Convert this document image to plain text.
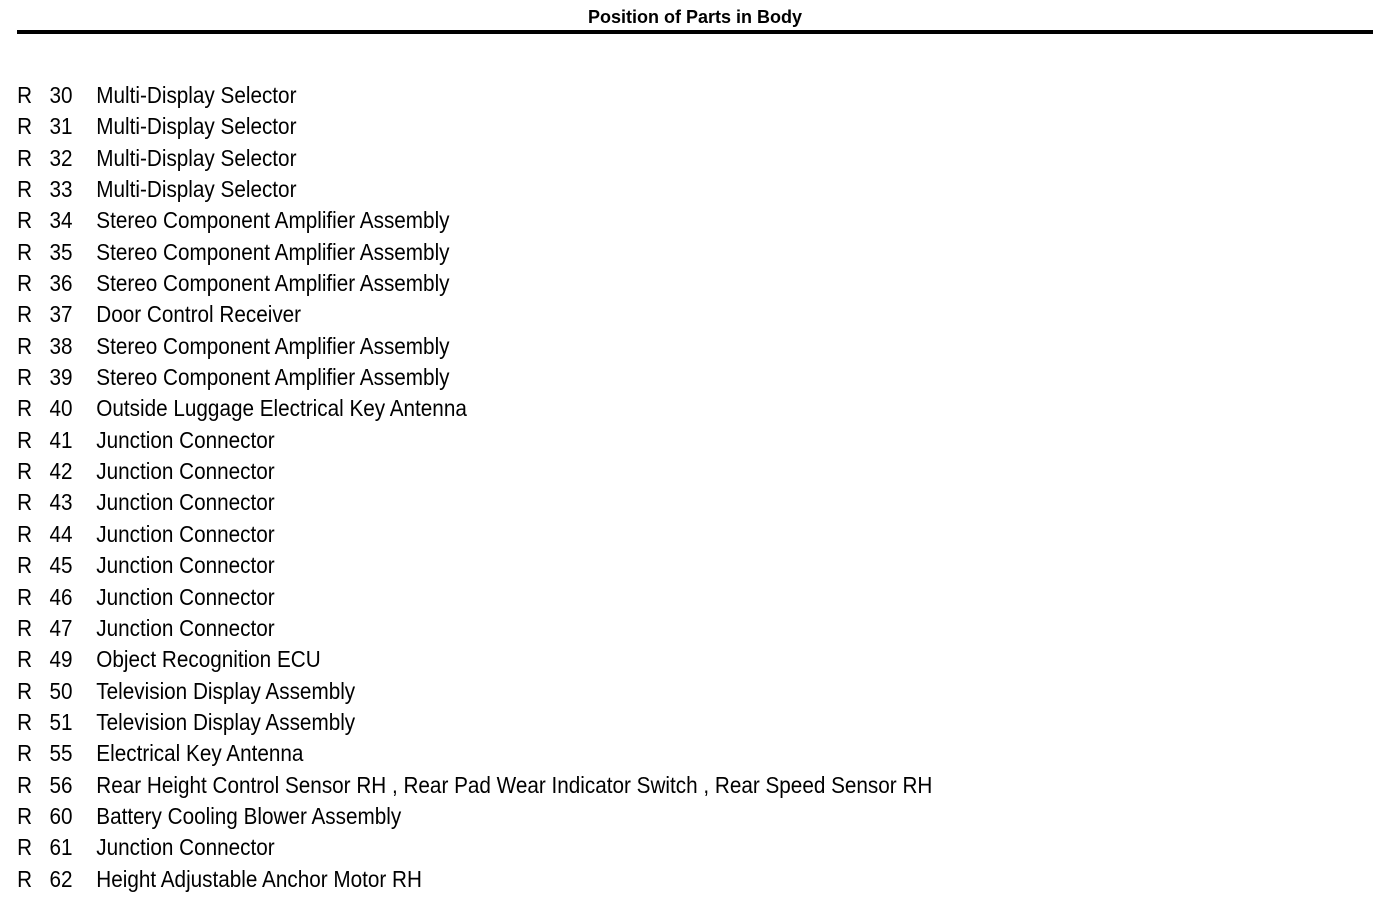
Position of Parts in Body
R 30 Multi-Display Selector
R 31 Multi-Display Selector
R 32 Multi-Display Selector
R 33 Multi-Display Selector
R 34 Stereo Component Amplifier Assembly
R 35 Stereo Component Amplifier Assembly
R 36 Stereo Component Amplifier Assembly
R 37 Door Control Receiver
R 38 Stereo Component Amplifier Assembly
R 39 Stereo Component Amplifier Assembly
R 40 Outside Luggage Electrical Key Antenna
R 41 Junction Connector
R 42 Junction Connector
R 43 Junction Connector
R 44 Junction Connector
R 45 Junction Connector
R 46 Junction Connector
R 47 Junction Connector
R 49 Object Recognition ECU
R 50 Television Display Assembly
R 51 Television Display Assembly
R 55 Electrical Key Antenna
R 56 Rear Height Control Sensor RH , Rear Pad Wear Indicator Switch , Rear Speed Sensor RH
R 60 Battery Cooling Blower Assembly
R 61 Junction Connector
R 62 Height Adjustable Anchor Motor RH
